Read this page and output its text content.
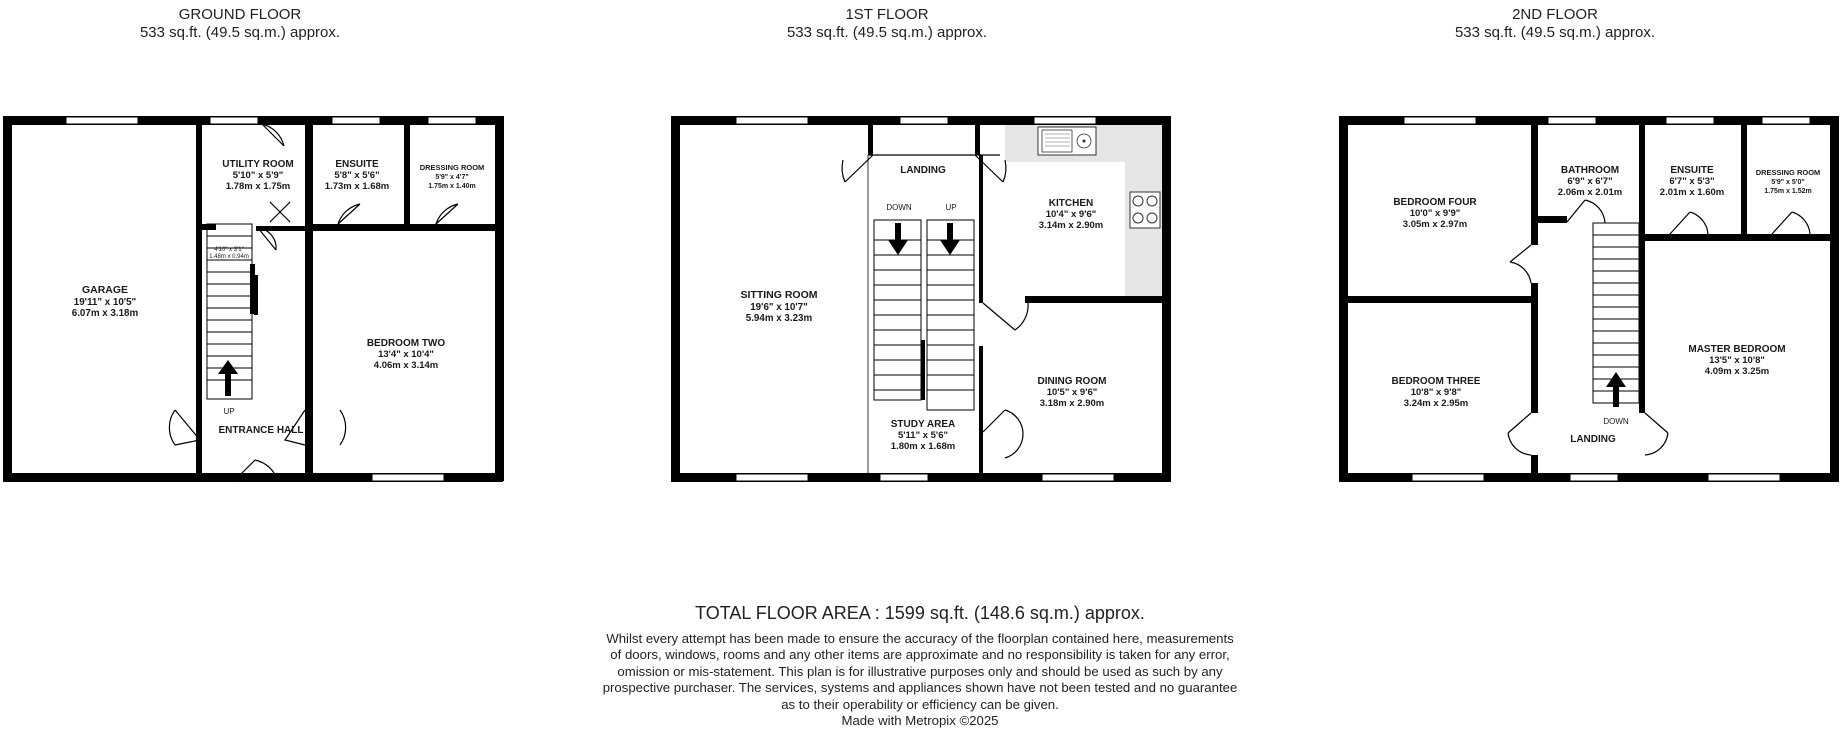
GROUND FLOOR
533 sq.ft. (49.5 sq.m.) approx.
1ST FLOOR
533 sq.ft. (49.5 sq.m.) approx.
2ND FLOOR
533 sq.ft. (49.5 sq.m.) approx.
GARAGE
19'11" x 10'5"
6.07m x 3.18m
UTILITY ROOM
5'10" x 5'9"
1.78m x 1.75m
ENSUITE
5'8" x 5'6"
1.73m x 1.68m
DRESSING ROOM
5'9" x 4'7"
1.75m x 1.40m
BEDROOM TWO
13'4" x 10'4"
4.06m x 3.14m
4'10" x 3'1"
1.48m x 0.94m
ENTRANCE HALL
UP
SITTING ROOM
19'6" x 10'7"
5.94m x 3.23m
LANDING
DOWN	UP	KITCHEN
10'4" x 9'6"
3.14m x 2.90m
DINING ROOM
10'5" x 9'6"
3.18m x 2.90m
STUDY AREA
5'11" x 5'6"
1.80m x 1.68m
BEDROOM FOUR
10'0" x 9'9"
3.05m x 2.97m
BATHROOM
6'9" x 6'7"
2.06m x 2.01m
ENSUITE
6'7" x 5'3"
2.01m x 1.60m
DRESSING ROOM
5'9" x 5'0"
1.75m x 1.52m
BEDROOM THREE
10'8" x 9'8"
3.24m x 2.95m
MASTER BEDROOM
13'5" x 10'8"
4.09m x 3.25m
LANDING
DOWN
TOTAL FLOOR AREA : 1599 sq.ft. (148.6 sq.m.) approx.
Whilst every attempt has been made to ensure the accuracy of the floorplan contained here, measurements
of doors, windows, rooms and any other items are approximate and no responsibility is taken for any error,
omission or mis-statement. This plan is for illustrative purposes only and should be used as such by any
prospective purchaser. The services, systems and appliances shown have not been tested and no guarantee
as to their operability or efficiency can be given.
Made with Metropix ©2025
